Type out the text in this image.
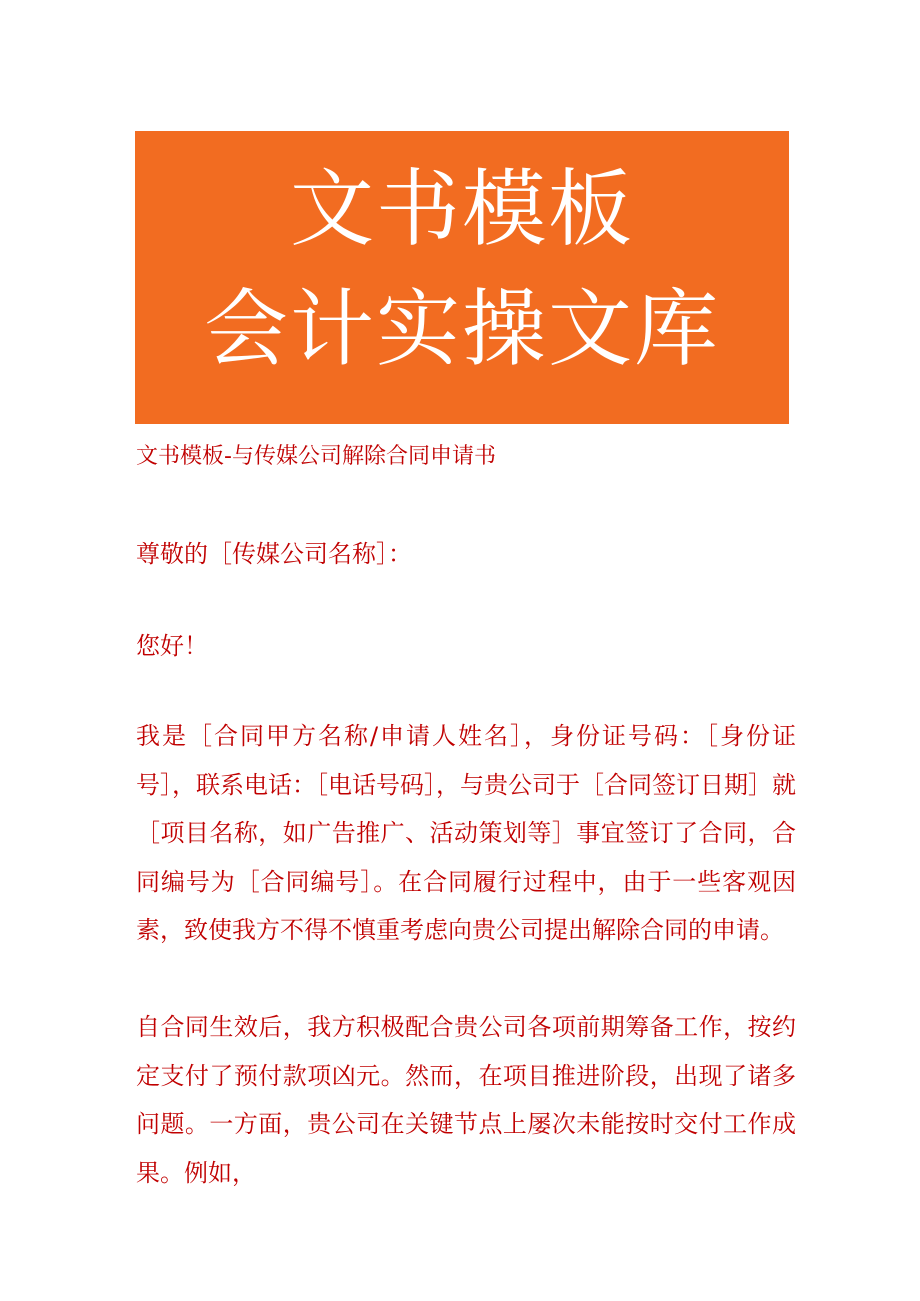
文书模板
会计实操文库
文书模板-与传媒公司解除合同申请书
尊敬的［传媒公司名称］：
您好！
我是［合同甲方名称/申请人姓名］，身份证号码：［身份证号］，联系电话：［电话号码］，与贵公司于［合同签订日期］就［项目名称，如广告推广、活动策划等］事宜签订了合同，合同编号为［合同编号］。在合同履行过程中，由于一些客观因素，致使我方不得不慎重考虑向贵公司提出解除合同的申请。
自合同生效后，我方积极配合贵公司各项前期筹备工作，按约定支付了预付款项凶元。然而，在项目推进阶段，出现了诸多问题。一方面，贵公司在关键节点上屡次未能按时交付工作成果。例如，
